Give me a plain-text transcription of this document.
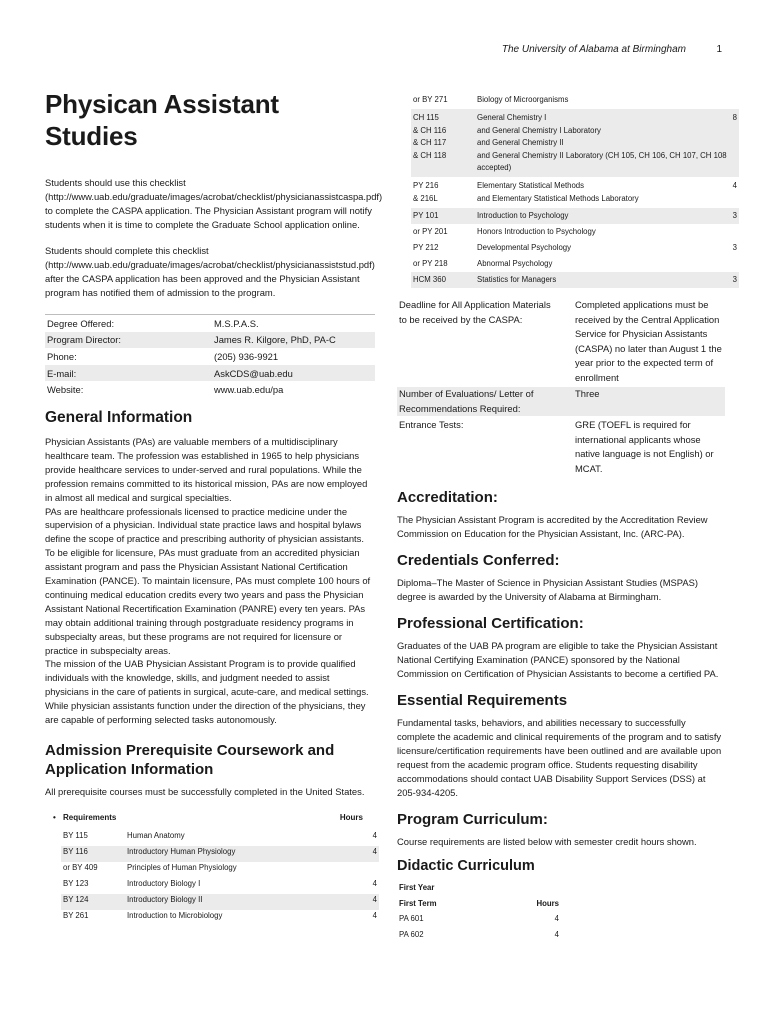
The University of Alabama at Birmingham	1
Physican Assistant Studies

Students should use this checklist (http://www.uab.edu/graduate/images/acrobat/checklist/physicianassistcaspa.pdf) to complete the CASPA application. The Physician Assistant program will notify students when it is time to complete the Graduate School application online.

Students should complete this checklist (http://www.uab.edu/graduate/images/acrobat/checklist/physicianassiststud.pdf) after the CASPA application has been approved and the Physician Assistant program has notified them of admission to the program.

Degree Offered:	M.S.P.A.S.
Program Director:	James R. Kilgore, PhD, PA-C
Phone:	(205) 936-9921
E-mail:	AskCDS@uab.edu
Website:	www.uab.edu/pa
General Information

Physician Assistants (PAs) are valuable members of a multidisciplinary healthcare team. The profession was established in 1965 to help physicians provide healthcare services to under-served and rural populations. While the profession remains committed to its historical mission, PAs are now employed in almost all medical and surgical specialties.
PAs are healthcare professionals licensed to practice medicine under the supervision of a physician. Individual state practice laws and hospital bylaws define the scope of practice and prescribing authority of physician assistants. To be eligible for licensure, PAs must graduate from an accredited physician assistant program and pass the Physician Assistant National Certification Examination (PANCE). To maintain licensure, PAs must complete 100 hours of continuing medical education credits every two years and pass the Physician Assistant National Recertification Examination (PANRE) every ten years. PAs may obtain additional training through postgraduate residency programs in subspecialty areas, but these programs are not required for licensure or practice in subspecialty areas.
The mission of the UAB Physician Assistant Program is to provide qualified individuals with the knowledge, skills, and judgment needed to assist physicians in the care of patients in surgical, acute-care, and medical settings. While physician assistants function under the direction of the physicians, they are capable of performing selected tasks autonomously.

Admission Prerequisite Coursework and Application Information

All prerequisite courses must be successfully completed in the United States.

• Requirements	Hours
BY 115	Human Anatomy	4
BY 116	Introductory Human Physiology	4
or BY 409	Principles of Human Physiology	
BY 123	Introductory Biology I	4
BY 124	Introductory Biology II	4
BY 261	Introduction to Microbiology	4
or BY 271	Biology of Microorganisms	
CH 115
& CH 116
& CH 117
& CH 118	General Chemistry I
and General Chemistry I Laboratory
and General Chemistry II
and General Chemistry II Laboratory (CH 105, CH 106, CH 107, CH 108 accepted)	8
PY 216
& 216L	Elementary Statistical Methods
and Elementary Statistical Methods Laboratory	4
PY 101	Introduction to Psychology	3
or PY 201	Honors Introduction to Psychology	
PY 212	Developmental Psychology	3
or PY 218	Abnormal Psychology	
HCM 360	Statistics for Managers	3
Deadline for All Application Materials to be received by the CASPA:	Completed applications must be received by the Central Application Service for Physician Assistants (CASPA) no later than August 1 the year prior to the expected term of enrollment
Number of Evaluations/ Letter of Recommendations Required:	Three
Entrance Tests:	GRE (TOEFL is required for international applicants whose native language is not English) or MCAT.
Accreditation:

The Physician Assistant Program is accredited by the Accreditation Review Commission on Education for the Physician Assistant, Inc. (ARC-PA).

Credentials Conferred:

Diploma–The Master of Science in Physician Assistant Studies (MSPAS) degree is awarded by the University of Alabama at Birmingham.

Professional Certification:

Graduates of the UAB PA program are eligible to take the Physician Assistant National Certifying Examination (PANCE) sponsored by the National Commission on Certification of Physician Assistants to become a certified PA.

Essential Requirements

Fundamental tasks, behaviors, and abilities necessary to successfully complete the academic and clinical requirements of the program and to satisfy licensure/certification requirements have been outlined and are available upon request from the academic program office. Students requesting disability accommodations should contact UAB Disability Support Services (DSS) at 205-934-4205.

Program Curriculum:

Course requirements are listed below with semester credit hours shown.

Didactic Curriculum
First Year	
First Term	Hours
PA 601	4
PA 602	4
